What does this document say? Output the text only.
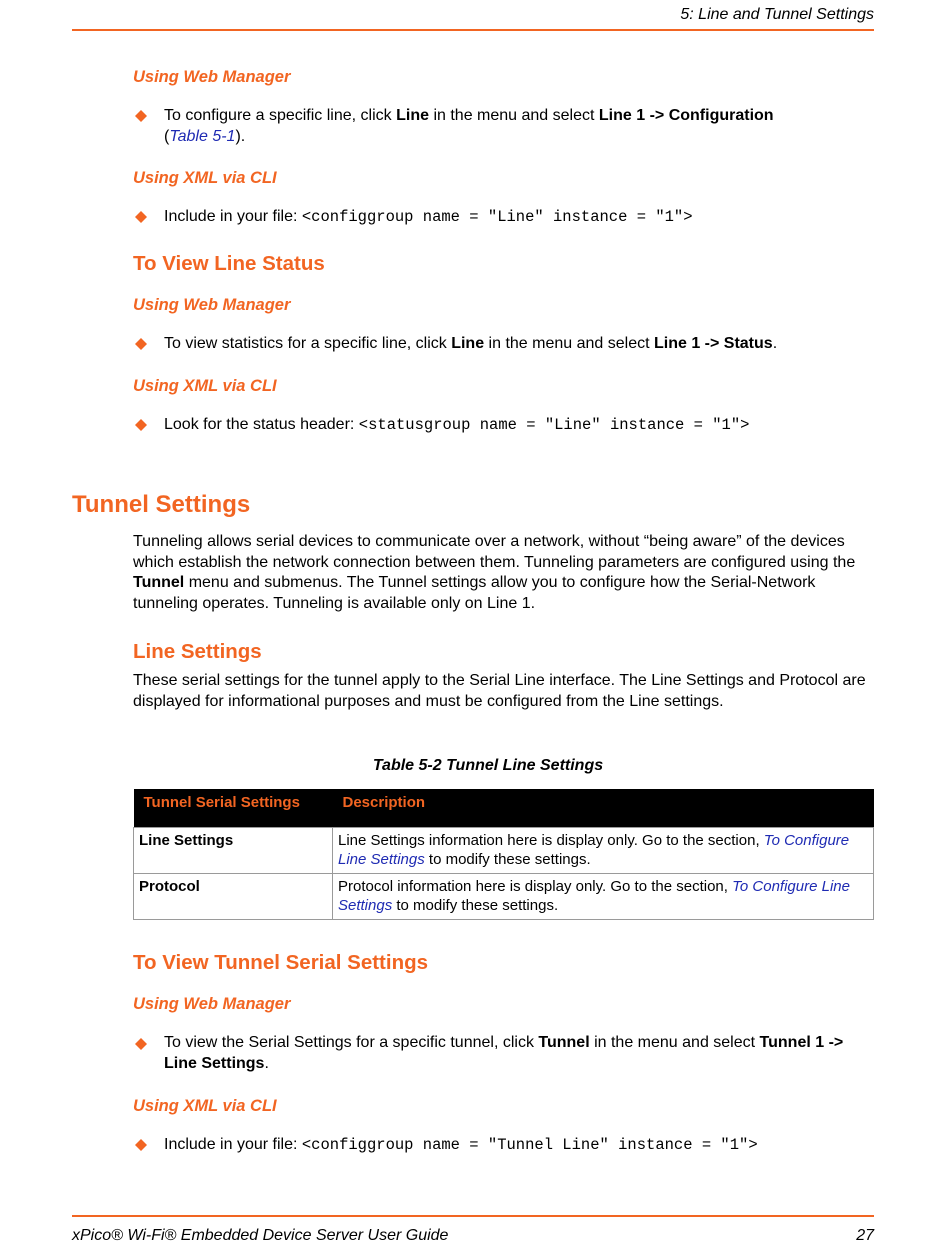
5: Line and Tunnel Settings
Using Web Manager
To configure a specific line, click Line in the menu and select Line 1 -> Configuration
(Table 5-1).
Using XML via CLI
Include in your file: <configgroup name = "Line" instance = "1">
To View Line Status
Using Web Manager
To view statistics for a specific line, click Line in the menu and select Line 1 -> Status.
Using XML via CLI
Look for the status header: <statusgroup name = "Line" instance = "1">
Tunnel Settings
Tunneling allows serial devices to communicate over a network, without “being aware” of the devices which establish the network connection between them. Tunneling parameters are configured using the Tunnel menu and submenus. The Tunnel settings allow you to configure how the Serial-Network tunneling operates. Tunneling is available only on Line 1.
Line Settings
These serial settings for the tunnel apply to the Serial Line interface. The Line Settings and Protocol are displayed for informational purposes and must be configured from the Line settings.
Table 5-2 Tunnel Line Settings
Tunnel Serial Settings	Description
Line Settings	Line Settings information here is display only. Go to the section, To Configure Line Settings to modify these settings.
Protocol	Protocol information here is display only. Go to the section, To Configure Line Settings to modify these settings.
To View Tunnel Serial Settings
Using Web Manager
To view the Serial Settings for a specific tunnel, click Tunnel in the menu and select Tunnel 1 -> Line Settings.
Using XML via CLI
Include in your file: <configgroup name = "Tunnel Line" instance = "1">
xPico® Wi-Fi® Embedded Device Server User Guide	27
